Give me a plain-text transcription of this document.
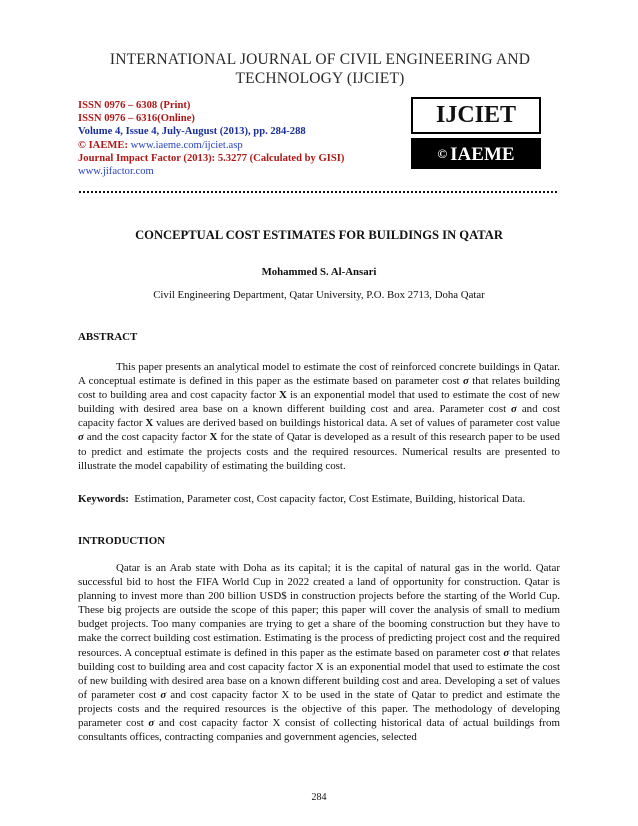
INTERNATIONAL JOURNAL OF CIVIL ENGINEERING AND
TECHNOLOGY (IJCIET)
ISSN 0976 – 6308 (Print)
ISSN 0976 – 6316(Online)
Volume 4, Issue 4, July-August (2013), pp. 284-288
© IAEME: www.iaeme.com/ijciet.asp
Journal Impact Factor (2013): 5.3277 (Calculated by GISI)
www.jifactor.com
IJCIET
© IAEME
CONCEPTUAL COST ESTIMATES FOR BUILDINGS IN QATAR
Mohammed S. Al-Ansari
Civil Engineering Department, Qatar University, P.O. Box 2713, Doha Qatar
ABSTRACT
This paper presents an analytical model to estimate the cost of reinforced concrete buildings in Qatar. A conceptual estimate is defined in this paper as the estimate based on parameter cost σ that relates building cost to building area and cost capacity factor X is an exponential model that used to estimate the cost of new building with desired area base on a known different building cost and area. Parameter cost σ and cost capacity factor X values are derived based on buildings historical data. A set of values of parameter cost value σ and the cost capacity factor X for the state of Qatar is developed as a result of this research paper to be used to predict and estimate the projects costs and the required resources. Numerical results are presented to illustrate the model capability of estimating the building cost.
Keywords: Estimation, Parameter cost, Cost capacity factor, Cost Estimate, Building, historical Data.
INTRODUCTION
Qatar is an Arab state with Doha as its capital; it is the capital of natural gas in the world. Qatar successful bid to host the FIFA World Cup in 2022 created a land of opportunity for construction. Qatar is planning to invest more than 200 billion USD$ in construction projects before the starting of the World Cup. These big projects are outside the scope of this paper; this paper will cover the analysis of small to medium budget projects. Too many companies are trying to get a share of the booming construction but they have to make the correct building cost estimation. Estimating is the process of predicting project cost and the required resources. A conceptual estimate is defined in this paper as the estimate based on parameter cost σ that relates building cost to building area and cost capacity factor X is an exponential model that used to estimate the cost of new building with desired area base on a known different building cost and area. Developing a set of values of parameter cost σ and cost capacity factor X to be used in the state of Qatar to predict and estimate the projects costs and the required resources is the objective of this paper. The methodology of developing parameter cost σ and cost capacity factor X consist of collecting historical data of actual buildings from consultants offices, contracting companies and government agencies, selected
284
